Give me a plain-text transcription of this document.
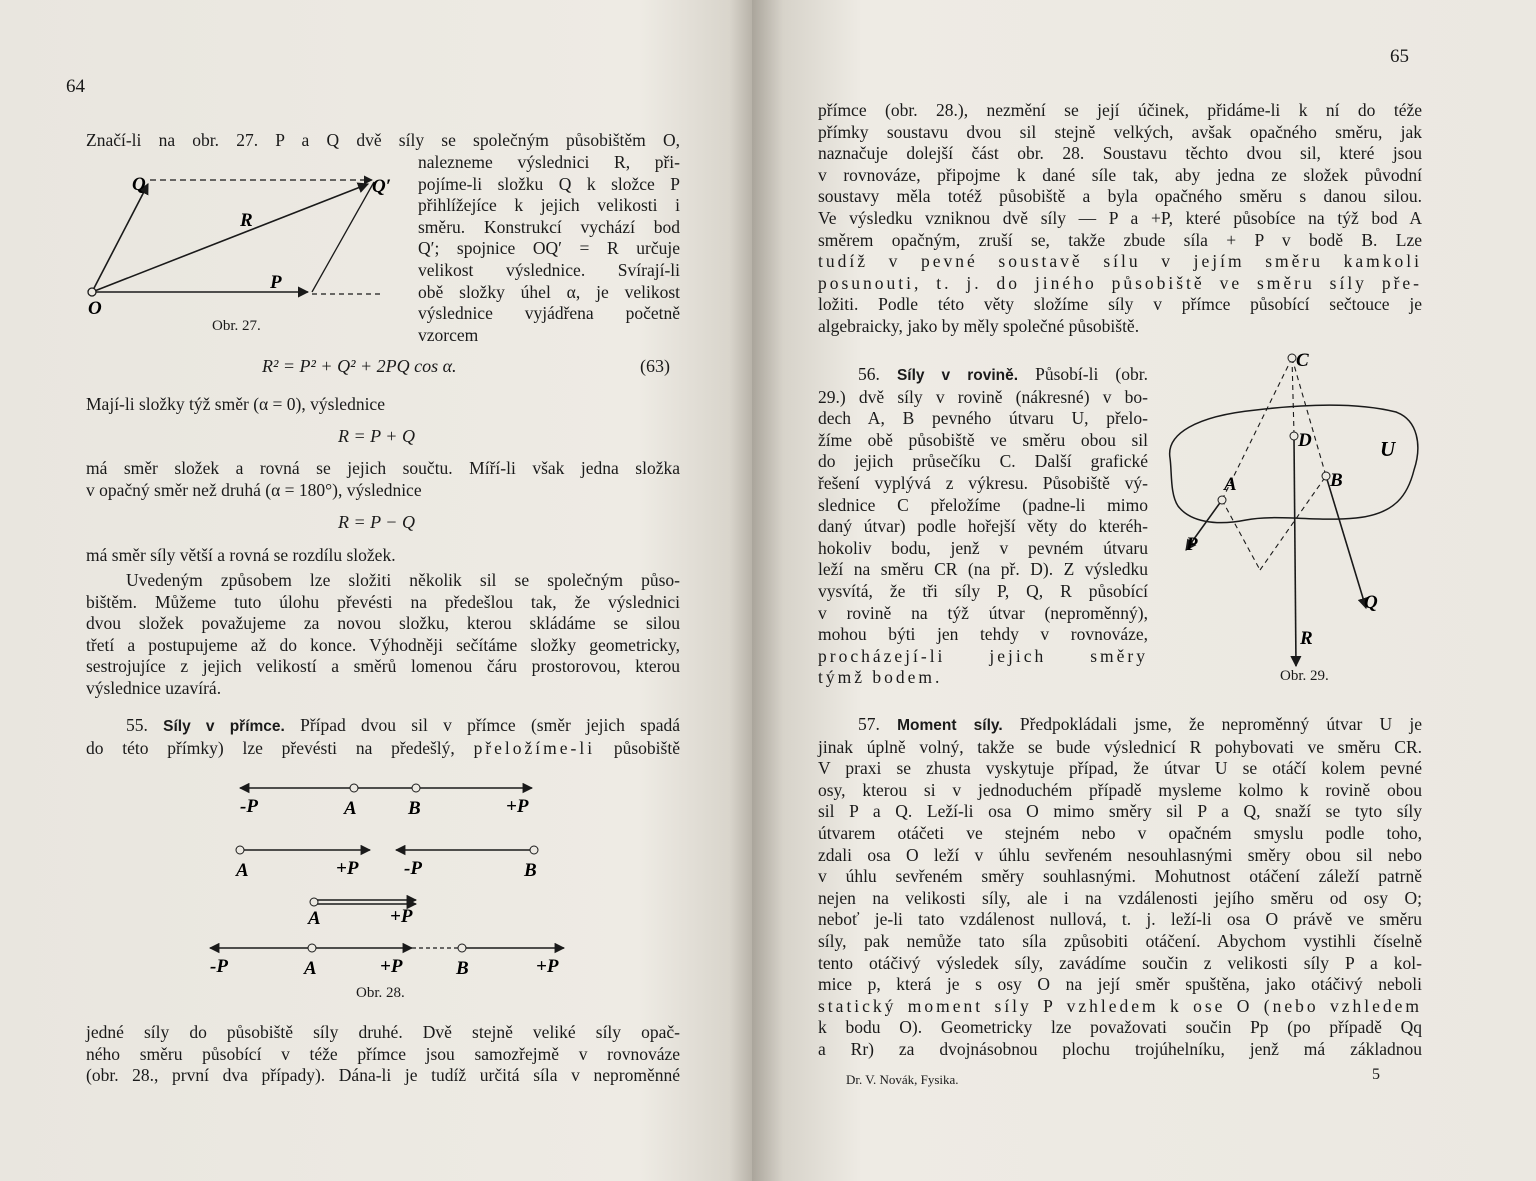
64
Značí-li na obr. 27. P a Q dvě síly se společným působištěm O,
nalezneme výslednici R, při-
pojíme-li složku Q k složce P
přihlížejíce k jejich velikosti i
směru. Konstrukcí vychází bod
Q′; spojnice OQ′ = R určuje
velikost výslednice. Svírají-li
obě složky úhel α, je velikost
výslednice vyjádřena početně
vzorcem
Q	Q′
R
P
O
Obr. 27.
R² = P² + Q² + 2PQ cos α.	(63)
Mají-li složky týž směr (α = 0), výslednice
R = P + Q
má směr složek a rovná se jejich součtu. Míří-li však jedna složka
v opačný směr než druhá (α = 180°), výslednice
R = P − Q
má směr síly větší a rovná se rozdílu složek.
Uvedeným způsobem lze složiti několik sil se společným půso-
bištěm. Můžeme tuto úlohu převésti na předešlou tak, že výslednici
dvou složek považujeme za novou složku, kterou skládáme se silou
třetí a postupujeme až do konce. Výhodněji sečítáme složky geometricky,
sestrojujíce z jejich velikostí a směrů lomenou čáru prostorovou, kterou
výslednice uzavírá.
55. Síly v přímce. Případ dvou sil v přímce (směr jejich spadá
do této přímky) lze převésti na předešlý, přeložíme-li působiště
-P	A	B	+P
A	+P -P	B
A	+P
-P	A	+P	B	+P
Obr. 28.
jedné síly do působiště síly druhé. Dvě stejně veliké síly opač-
ného směru působící v téže přímce jsou samozřejmě v rovnováze
(obr. 28., první dva případy). Dána-li je tudíž určitá síla v neproměnné
65
přímce (obr. 28.), nezmění se její účinek, přidáme-li k ní do téže
přímky soustavu dvou sil stejně velkých, avšak opačného směru, jak
naznačuje dolejší část obr. 28. Soustavu těchto dvou sil, které jsou
v rovnováze, připojme k dané síle tak, aby jedna ze složek původní
soustavy měla totéž působiště a byla opačného směru s danou silou.
Ve výsledku vzniknou dvě síly — P a +P, které působíce na týž bod A
směrem opačným, zruší se, takže zbude síla + P v bodě B. Lze
tudíž v pevné soustavě sílu v jejím směru kamkoli
posunouti, t. j. do jiného působiště ve směru síly pře-
ložiti. Podle této věty složíme síly v přímce působící sečtouce je
algebraicky, jako by měly společné působiště.
56. Síly v rovině. Působí-li (obr.
29.) dvě síly v rovině (nákresné) v bo-
dech A, B pevného útvaru U, přelo-
žíme obě působiště ve směru obou sil
do jejich průsečíku C. Další grafické
řešení vyplývá z výkresu. Působiště vý-
slednice C přeložíme (padne-li mimo
daný útvar) podle hořejší věty do kteréh-
hokoliv bodu, jenž v pevném útvaru
leží na směru CR (na př. D). Z výsledku
vysvítá, že tři síly P, Q, R působící
v rovině na týž útvar (neproměnný),
mohou býti jen tehdy v rovnováze,
procházejí-li jejich směry
týmž bodem.
C
D	U
A	B
P
Q
R
Obr. 29.
57. Moment síly. Předpokládali jsme, že neproměnný útvar U je
jinak úplně volný, takže se bude výslednicí R pohybovati ve směru CR.
V praxi se zhusta vyskytuje případ, že útvar U se otáčí kolem pevné
osy, kterou si v jednoduchém případě mysleme kolmo k rovině obou
sil P a Q. Leží-li osa O mimo směry sil P a Q, snaží se tyto síly
útvarem otáčeti ve stejném nebo v opačném smyslu podle toho,
zdali osa O leží v úhlu sevřeném nesouhlasnými směry obou sil nebo
v úhlu sevřeném směry souhlasnými. Mohutnost otáčení záleží patrně
nejen na velikosti síly, ale i na vzdálenosti jejího směru od osy O;
neboť je-li tato vzdálenost nullová, t. j. leží-li osa O právě ve směru
síly, pak nemůže tato síla způsobiti otáčení. Abychom vystihli číselně
tento otáčivý výsledek síly, zavádíme součin z velikosti síly P a kol-
mice p, která je s osy O na její směr spuštěna, jako otáčivý neboli
statický moment síly P vzhledem k ose O (nebo vzhledem
k bodu O). Geometricky lze považovati součin Pp (po případě Qq
a Rr) za dvojnásobnou plochu trojúhelníku, jenž má základnou
Dr. V. Novák, Fysika.	5
